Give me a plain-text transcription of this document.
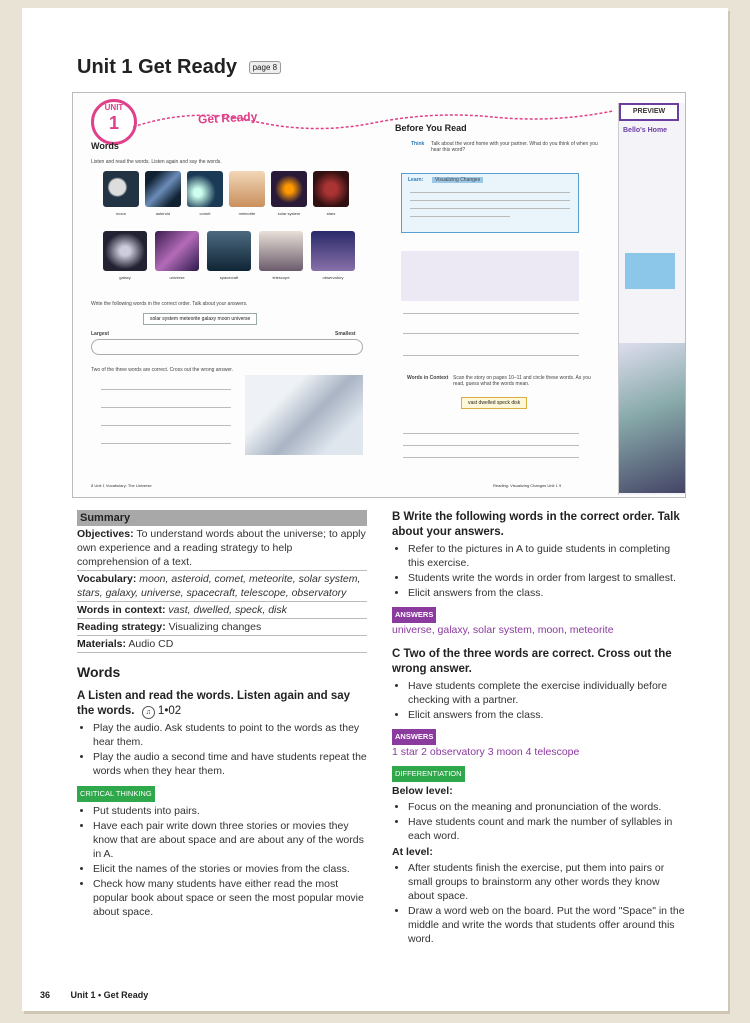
Unit 1 Get Ready page 8
UNIT
1	Get Ready
Words
Listen and read the words. Listen again and say the words.
moon	asteroid	comet	meteorite	solar system	stars
galaxy	universe	spacecraft	telescope	observatory
Write the following words in the correct order. Talk about your answers.
solar system meteorite galaxy moon universe
Largest	Smallest
Two of the three words are correct. Cross out the wrong answer.
Before You Read
Think Talk about the word home with your partner. What do you think of when you hear this word?
Learn:	Visualizing Changes
Words in Context Scan the story on pages 10–11 and circle these words. As you read, guess what the words mean.
vast dwelled speck disk
PREVIEW
Bello's Home
8 Unit 1 Vocabulary: The Universe	Reading: Visualizing Changes Unit 1 9
Summary
Objectives: To understand words about the universe; to apply own experience and a reading strategy to help comprehension of a text.
Vocabulary: moon, asteroid, comet, meteorite, solar system, stars, galaxy, universe, spacecraft, telescope, observatory
Words in context: vast, dwelled, speck, disk
Reading strategy: Visualizing changes
Materials: Audio CD
Words
A Listen and read the words. Listen again and say the words. ♫ 1•02
• Play the audio. Ask students to point to the words as they hear them.
• Play the audio a second time and have students repeat the words when they hear them.
CRITICAL THINKING
• Put students into pairs.
• Have each pair write down three stories or movies they know that are about space and are about any of the words in A.
• Elicit the names of the stories or movies from the class.
• Check how many students have either read the most popular book about space or seen the most popular movie about space.
B Write the following words in the correct order. Talk about your answers.
• Refer to the pictures in A to guide students in completing this exercise.
• Students write the words in order from largest to smallest.
• Elicit answers from the class.
ANSWERS
universe, galaxy, solar system, moon, meteorite
C Two of the three words are correct. Cross out the wrong answer.
• Have students complete the exercise individually before checking with a partner.
• Elicit answers from the class.
ANSWERS
1 star 2 observatory 3 moon 4 telescope
DIFFERENTIATION
Below level:
• Focus on the meaning and pronunciation of the words.
• Have students count and mark the number of syllables in each word.
At level:
• After students finish the exercise, put them into pairs or small groups to brainstorm any other words they know about space.
• Draw a word web on the board. Put the word "Space" in the middle and write the words that students offer around this word.
36 Unit 1 • Get Ready
